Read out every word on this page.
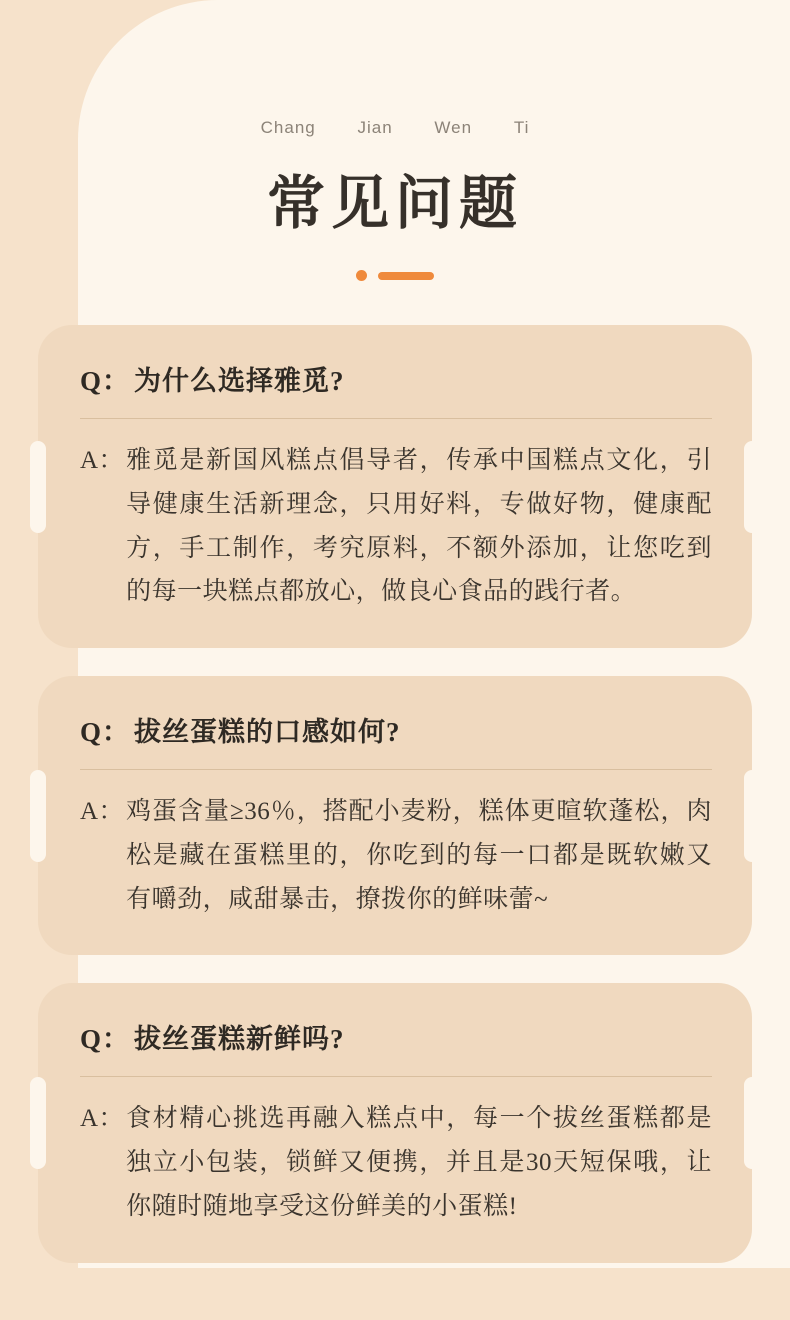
Chang Jian Wen Ti
常见问题
Q： 为什么选择雅觅?
A： 雅觅是新国风糕点倡导者，传承中国糕点文化，引导健康生活新理念，只用好料，专做好物，健康配方，手工制作，考究原料，不额外添加，让您吃到的每一块糕点都放心，做良心食品的践行者。
Q： 拔丝蛋糕的口感如何?
A： 鸡蛋含量≥36％，搭配小麦粉，糕体更暄软蓬松，肉松是藏在蛋糕里的，你吃到的每一口都是既软嫩又有嚼劲，咸甜暴击，撩拨你的鲜味蕾~
Q： 拔丝蛋糕新鲜吗?
A： 食材精心挑选再融入糕点中，每一个拔丝蛋糕都是独立小包装，锁鲜又便携，并且是30天短保哦，让你随时随地享受这份鲜美的小蛋糕!
